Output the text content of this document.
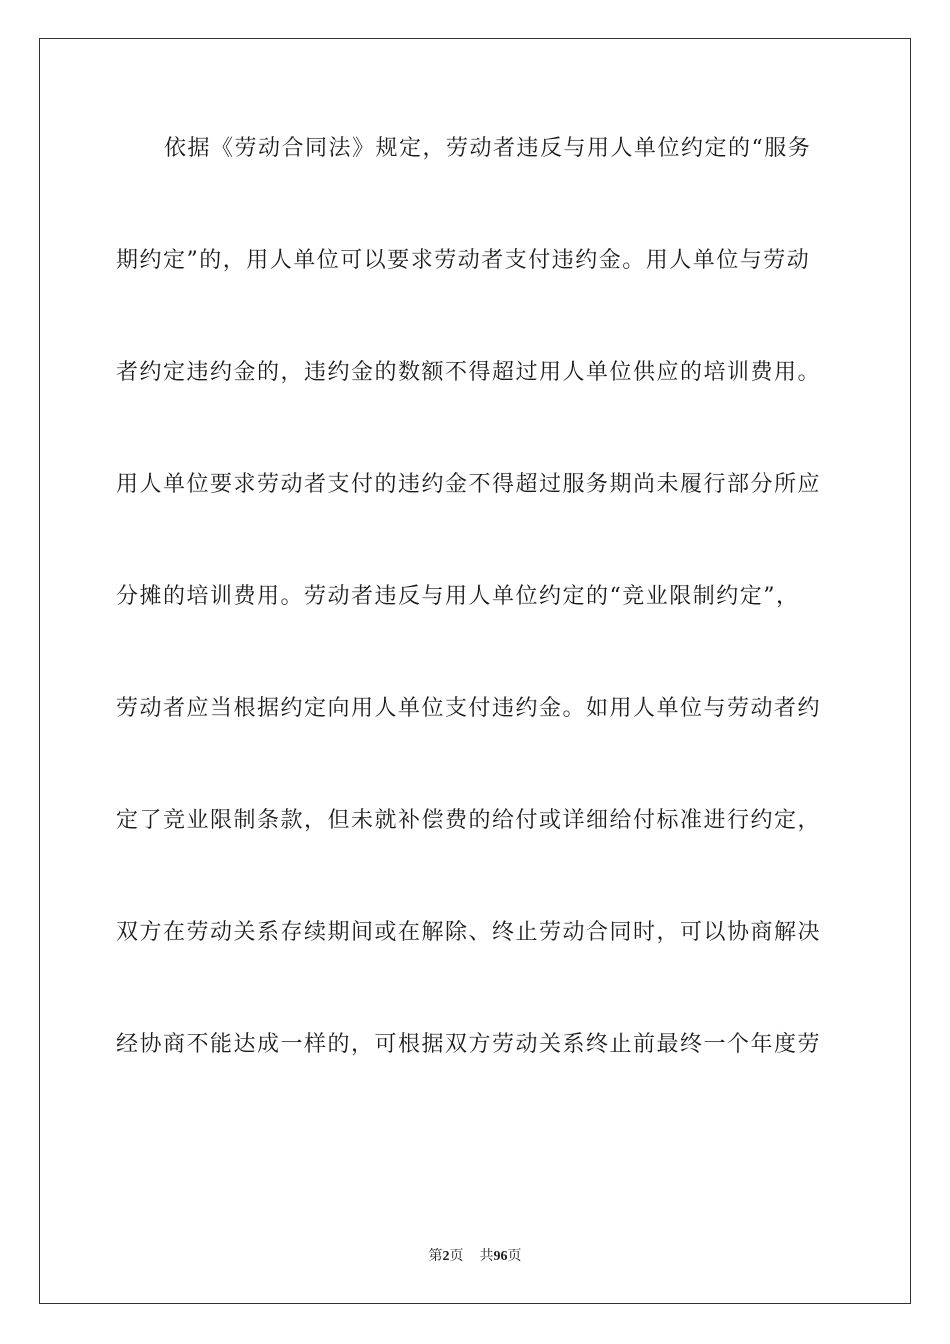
依据《劳动合同法》规定，劳动者违反与用人单位约定的“服务
期约定”的，用人单位可以要求劳动者支付违约金。用人单位与劳动
者约定违约金的，违约金的数额不得超过用人单位供应的培训费用。
用人单位要求劳动者支付的违约金不得超过服务期尚未履行部分所应
分摊的培训费用。劳动者违反与用人单位约定的“竞业限制约定”，
劳动者应当根据约定向用人单位支付违约金。如用人单位与劳动者约
定了竞业限制条款，但未就补偿费的给付或详细给付标准进行约定，
双方在劳动关系存续期间或在解除、终止劳动合同时，可以协商解决
经协商不能达成一样的，可根据双方劳动关系终止前最终一个年度劳
第2页 共96页
